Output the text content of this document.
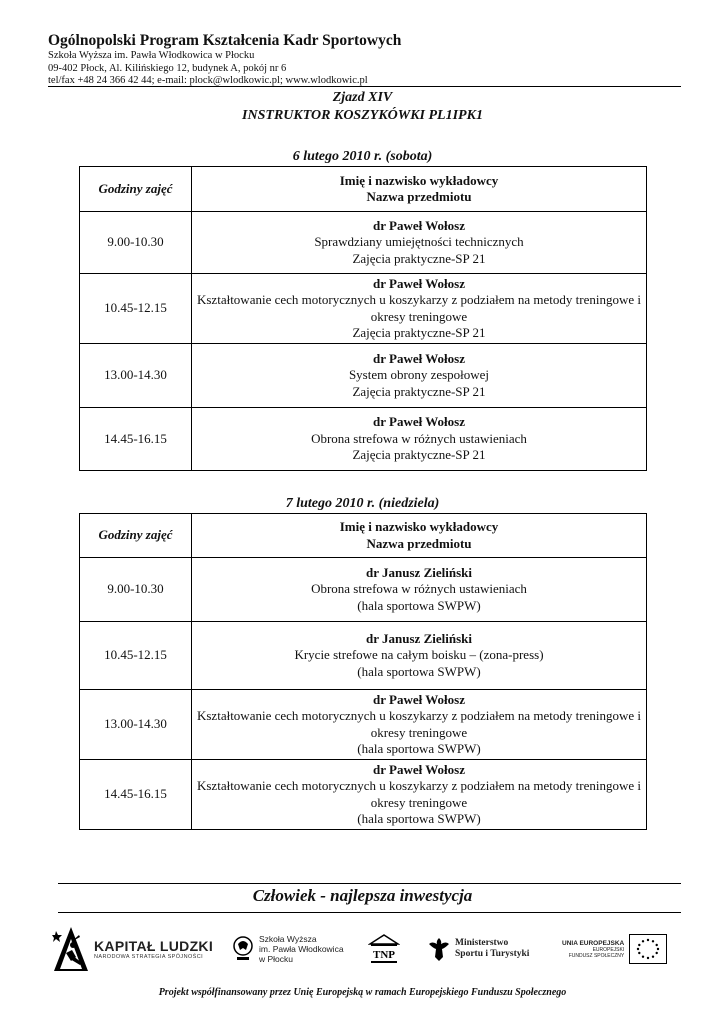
Ogólnopolski Program Kształcenia Kadr Sportowych
Szkoła Wyższa im. Pawła Włodkowica w Płocku
09-402 Płock, Al. Kilińskiego 12, budynek A, pokój nr 6
tel/fax +48 24 366 42 44; e-mail: plock@wlodkowic.pl; www.wlodkowic.pl
Zjazd XIV
INSTRUKTOR KOSZYKÓWKI PL1IPK1
6 lutego 2010 r. (sobota)
Godziny zajęć	Imię i nazwisko wykładowcy
Nazwa przedmiotu

9.00-10.30	dr Paweł Wołosz
Sprawdziany umiejętności technicznych
Zajęcia praktyczne-SP 21

10.45-12.15	dr Paweł Wołosz
Kształtowanie cech motorycznych u koszykarzy z podziałem na metody treningowe i okresy treningowe
Zajęcia praktyczne-SP 21

13.00-14.30	dr Paweł Wołosz
System obrony zespołowej
Zajęcia praktyczne-SP 21

14.45-16.15	dr Paweł Wołosz
Obrona strefowa w różnych ustawieniach
Zajęcia praktyczne-SP 21
7 lutego 2010 r. (niedziela)
Godziny zajęć	Imię i nazwisko wykładowcy
Nazwa przedmiotu

9.00-10.30	dr Janusz Zieliński
Obrona strefowa w różnych ustawieniach
(hala sportowa SWPW)

10.45-12.15	dr Janusz Zieliński
Krycie strefowe na całym boisku – (zona-press)
(hala sportowa SWPW)

13.00-14.30	dr Paweł Wołosz
Kształtowanie cech motorycznych u koszykarzy z podziałem na metody treningowe i okresy treningowe
(hala sportowa SWPW)

14.45-16.15	dr Paweł Wołosz
Kształtowanie cech motorycznych u koszykarzy z podziałem na metody treningowe i okresy treningowe
(hala sportowa SWPW)
Człowiek - najlepsza inwestycja
KAPITAŁ LUDZKI
NARODOWA STRATEGIA SPÓJNOŚCI
Szkoła Wyższa
im. Pawła Włodkowica
w Płocku	TNP
Ministerstwo
Sportu i Turystyki
UNIA EUROPEJSKA
EUROPEJSKI
FUNDUSZ SPOŁECZNY
Projekt współfinansowany przez Unię Europejską w ramach Europejskiego Funduszu Społecznego
